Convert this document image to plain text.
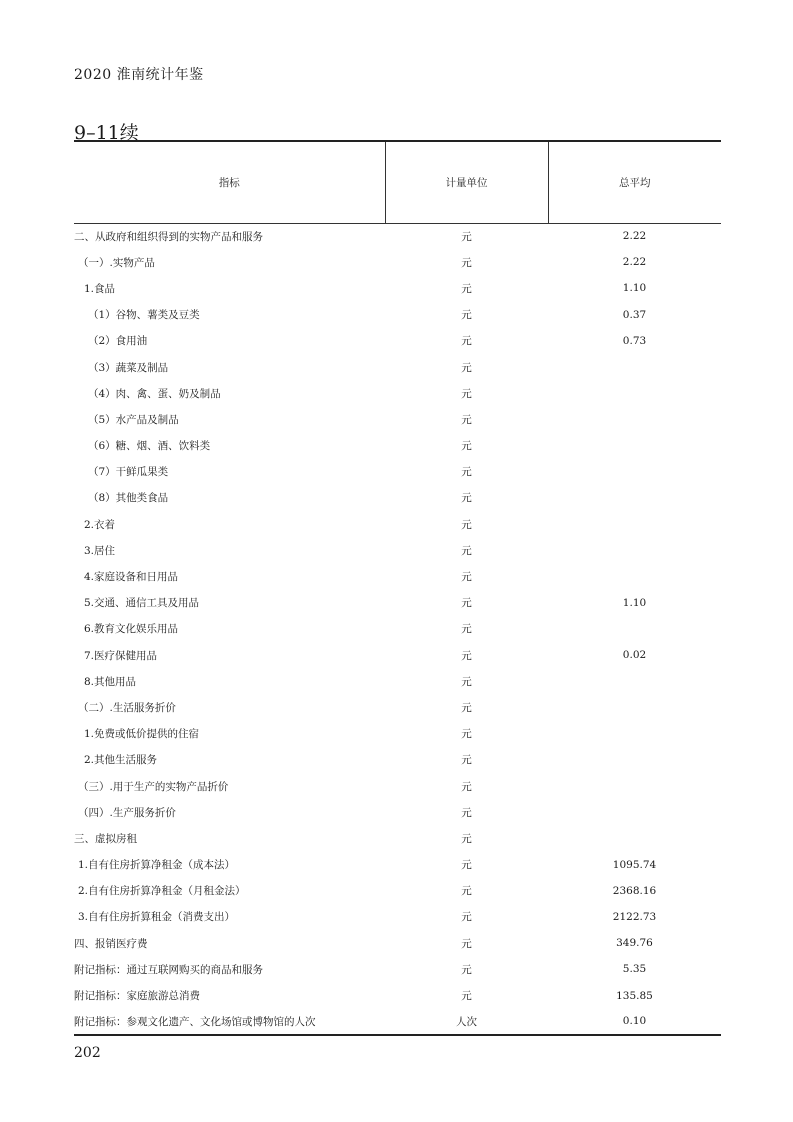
2020 淮南统计年鉴
9–11续
指标	计量单位	总平均
二、从政府和组织得到的实物产品和服务	元	2.22
（一）.实物产品	元	2.22
1.食品	元	1.10
（1）谷物、薯类及豆类	元	0.37
（2）食用油	元	0.73
（3）蔬菜及制品	元	
（4）肉、禽、蛋、奶及制品	元	
（5）水产品及制品	元	
（6）糖、烟、酒、饮料类	元	
（7）干鲜瓜果类	元	
（8）其他类食品	元	
2.衣着	元	
3.居住	元	
4.家庭设备和日用品	元	
5.交通、通信工具及用品	元	1.10
6.教育文化娱乐用品	元	
7.医疗保健用品	元	0.02
8.其他用品	元	
（二）.生活服务折价	元	
1.免费或低价提供的住宿	元	
2.其他生活服务	元	
（三）.用于生产的实物产品折价	元	
（四）.生产服务折价	元	
三、虚拟房租	元	
1.自有住房折算净租金（成本法）	元	1095.74
2.自有住房折算净租金（月租金法）	元	2368.16
3.自有住房折算租金（消费支出）	元	2122.73
四、报销医疗费	元	349.76
附记指标：通过互联网购买的商品和服务	元	5.35
附记指标：家庭旅游总消费	元	135.85
附记指标：参观文化遗产、文化场馆或博物馆的人次	人次	0.10
202
